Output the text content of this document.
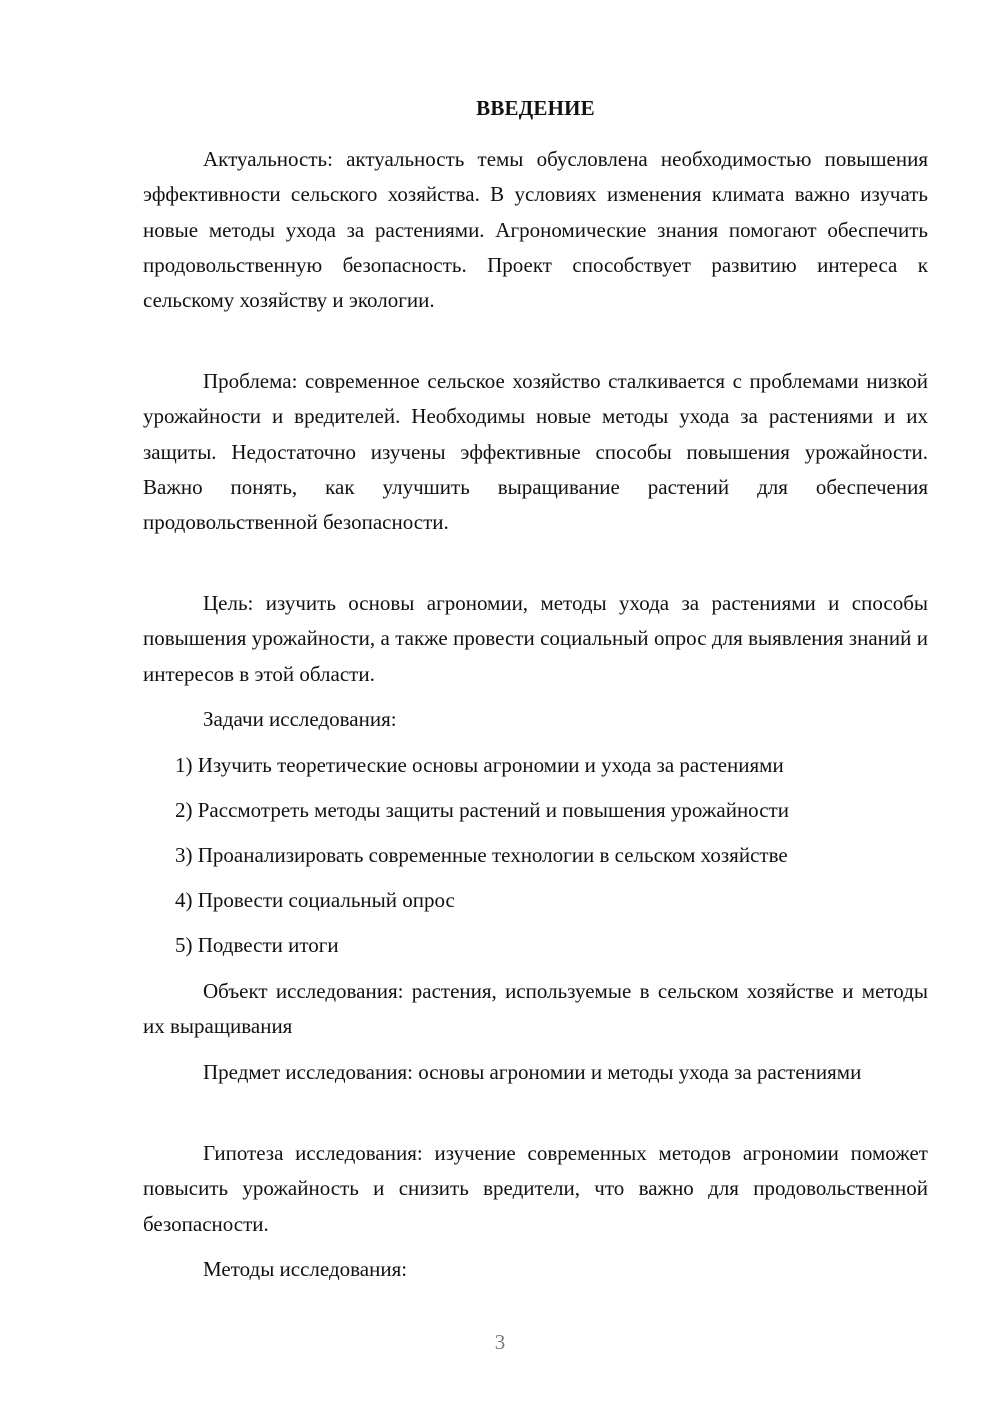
ВВЕДЕНИЕ
Актуальность: актуальность темы обусловлена необходимостью повышения эффективности сельского хозяйства. В условиях изменения климата важно изучать новые методы ухода за растениями. Агрономические знания помогают обеспечить продовольственную безопасность. Проект способствует развитию интереса к сельскому хозяйству и экологии.
Проблема: современное сельское хозяйство сталкивается с проблемами низкой урожайности и вредителей. Необходимы новые методы ухода за растениями и их защиты. Недостаточно изучены эффективные способы повышения урожайности. Важно понять, как улучшить выращивание растений для обеспечения продовольственной безопасности.
Цель: изучить основы агрономии, методы ухода за растениями и способы повышения урожайности, а также провести социальный опрос для выявления знаний и интересов в этой области.
Задачи исследования:
1) Изучить теоретические основы агрономии и ухода за растениями
2) Рассмотреть методы защиты растений и повышения урожайности
3) Проанализировать современные технологии в сельском хозяйстве
4) Провести социальный опрос
5) Подвести итоги
Объект исследования: растения, используемые в сельском хозяйстве и методы их выращивания
Предмет исследования: основы агрономии и методы ухода за растениями
Гипотеза исследования: изучение современных методов агрономии поможет повысить урожайность и снизить вредители, что важно для продовольственной безопасности.
Методы исследования:
3
